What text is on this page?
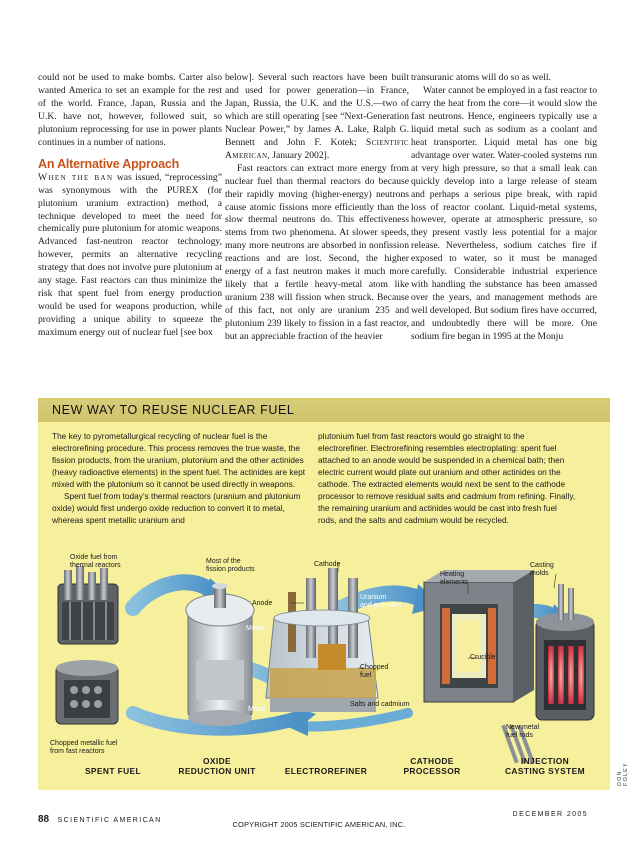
could not be used to make bombs. Carter also wanted America to set an example for the rest of the world. France, Japan, Russia and the U.K. have not, however, followed suit, so plutonium reprocessing for use in power plants continues in a number of nations.

An Alternative Approach

When the ban was issued, “reprocessing” was synonymous with the PUREX (for plutonium uranium extraction) method, a technique developed to meet the need for chemically pure plutonium for atomic weapons. Advanced fast-neutron reactor technology, however, permits an alternative recycling strategy that does not involve pure plutonium at any stage. Fast reactors can thus minimize the risk that spent fuel from energy production would be used for weapons production, while providing a unique ability to squeeze the maximum energy out of nuclear fuel [see box

below]. Several such reactors have been built and used for power generation—in France, Japan, Russia, the U.K. and the U.S.—two of which are still operating [see “Next-Generation Nuclear Power,” by James A. Lake, Ralph G. Bennett and John F. Kotek; Scientific American, January 2002].

Fast reactors can extract more energy from nuclear fuel than thermal reactors do because their rapidly moving (higher-energy) neutrons cause atomic fissions more efficiently than the slow thermal neutrons do. This effectiveness stems from two phenomena. At slower speeds, many more neutrons are absorbed in nonfission reactions and are lost. Second, the higher energy of a fast neutron makes it much more likely that a fertile heavy-metal atom like uranium 238 will fission when struck. Because of this fact, not only are uranium 235 and plutonium 239 likely to fission in a fast reactor, but an appreciable fraction of the heavier

transuranic atoms will do so as well.

Water cannot be employed in a fast reactor to carry the heat from the core—it would slow the fast neutrons. Hence, engineers typically use a liquid metal such as sodium as a coolant and heat transporter. Liquid metal has one big advantage over water. Water-cooled systems run at very high pressure, so that a small leak can quickly develop into a large release of steam and perhaps a serious pipe break, with rapid loss of reactor coolant. Liquid-metal systems, however, operate at atmospheric pressure, so they present vastly less potential for a major release. Nevertheless, sodium catches fire if exposed to water, so it must be managed carefully. Considerable industrial experience with handling the substance has been amassed over the years, and management methods are well developed. But sodium fires have occurred, and undoubtedly there will be more. One sodium fire began in 1995 at the Monju

NEW WAY TO REUSE NUCLEAR FUEL

The key to pyrometallurgical recycling of nuclear fuel is the electrorefining procedure. This process removes the true waste, the fission products, from the uranium, plutonium and the other actinides (heavy radioactive elements) in the spent fuel. The actinides are kept mixed with the plutonium so it cannot be used directly in weapons.

Spent fuel from today’s thermal reactors (uranium and plutonium oxide) would first undergo oxide reduction to convert it to metal, whereas spent metallic uranium and

plutonium fuel from fast reactors would go straight to the electrorefiner. Electrorefining resembles electroplating: spent fuel attached to an anode would be suspended in a chemical bath; then electric current would plate out uranium and other actinides on the cathode. The extracted elements would next be sent to the cathode processor to remove residual salts and cadmium from refining. Finally, the remaining uranium and actinides would be cast into fresh fuel rods, and the salts and cadmium would be recycled.

Oxide fuel from
thermal reactors
Most of the
fission products
Cathode	Casting
molds
Heating
elements
Uranium
and actinides
Anode
Metal
Crucible
Chopped
fuel
Salts and cadmium
Metal
New metal
fuel rods
Chopped metallic fuel
from fast reactors
SPENT FUEL
OXIDE
REDUCTION UNIT	ELECTROREFINER
CATHODE
PROCESSOR
INJECTION
CASTING SYSTEM	DON FOLEY
88 SCIENTIFIC AMERICAN
DECEMBER 2005
COPYRIGHT 2005 SCIENTIFIC AMERICAN, INC.
